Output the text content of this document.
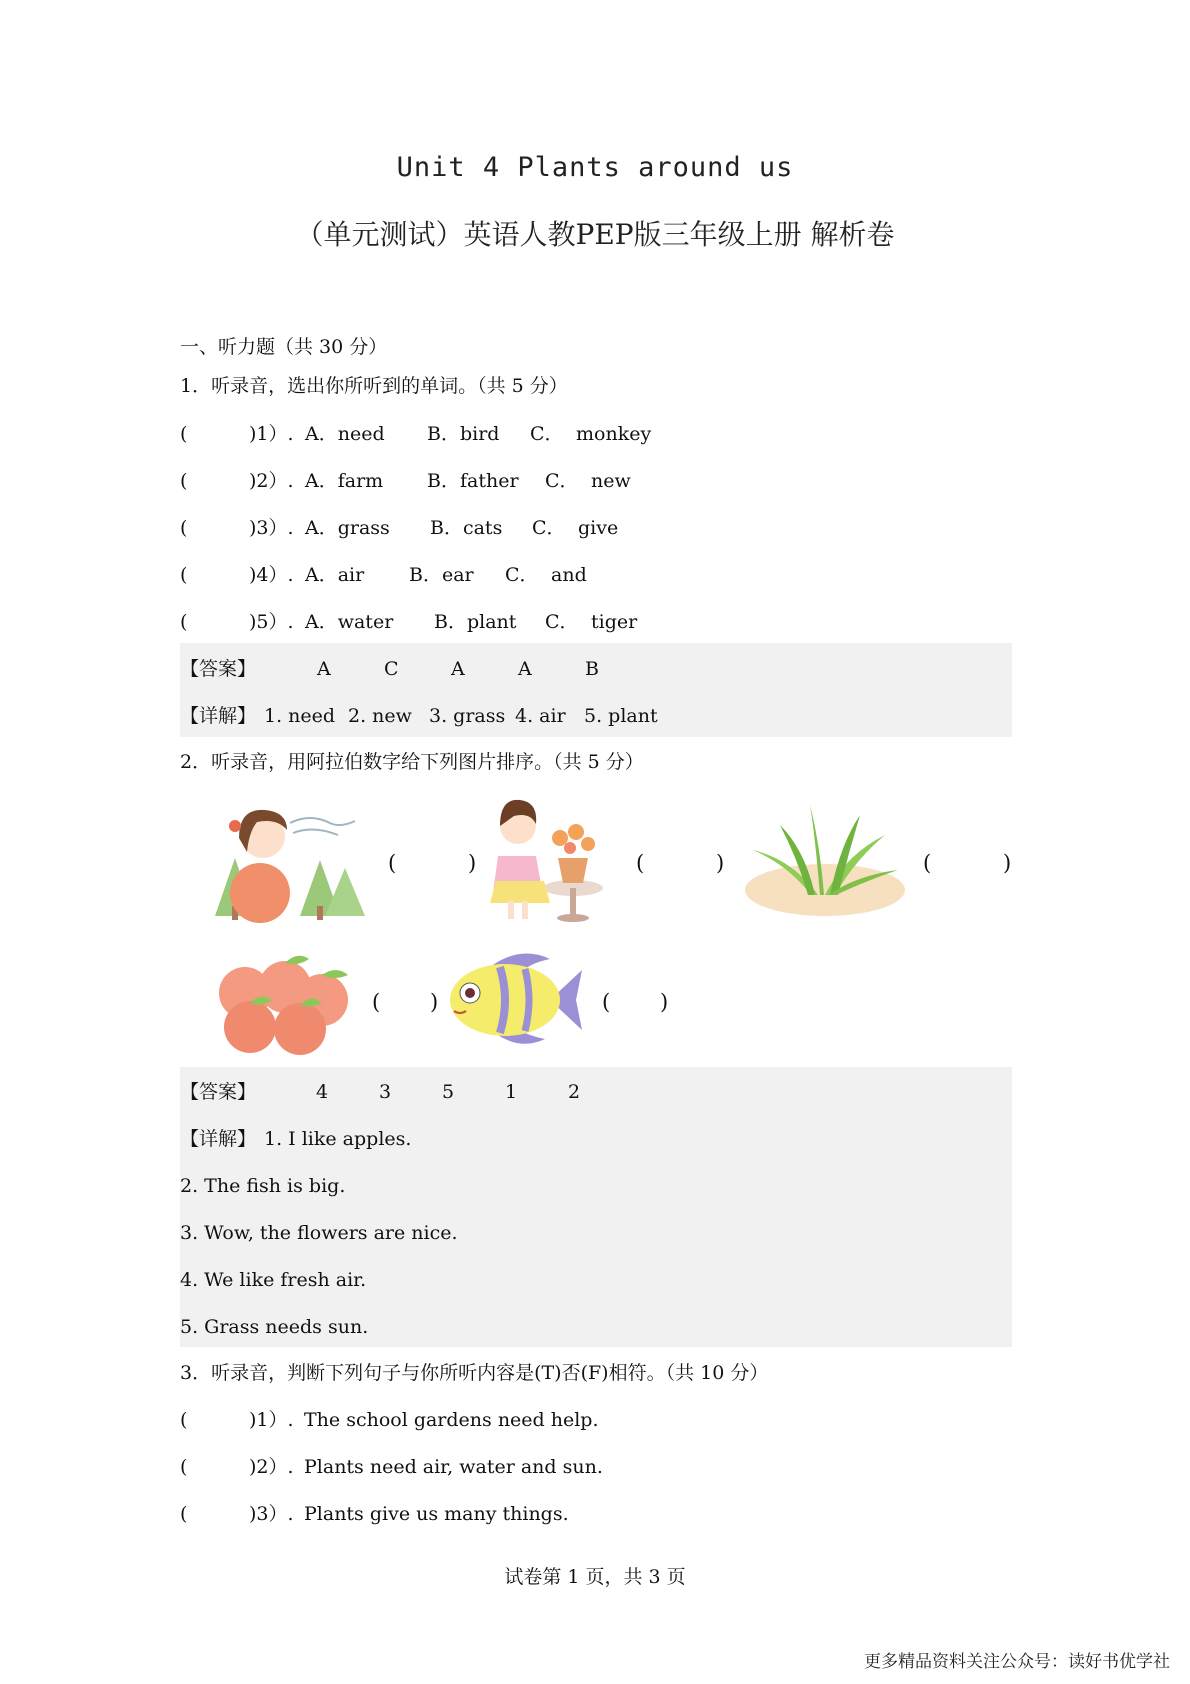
Unit 4 Plants around us
（单元测试）英语人教PEP版三年级上册 解析卷
一、听力题（共 30 分）
1．听录音，选出你所听到的单词。（共 5 分）
(	)1）. A．need B．bird C． monkey
(	)2）. A．farm B．father C． new
(	)3）. A．grass B．cats C． give
(	)4）. A．air B．ear C． and
(	)5）. A．water B．plant C． tiger
【答案】	A	C	A	A	B
【详解】 1. need 2. new 3. grass 4. air 5. plant
2．听录音，用阿拉伯数字给下列图片排序。（共 5 分）
(	)	(	)	(	)
( )	( )
【答案】	4	3	5	1	2
【详解】 1. I like apples.
2. The fish is big.
3. Wow, the flowers are nice.
4. We like fresh air.
5. Grass needs sun.
3．听录音，判断下列句子与你所听内容是(T)否(F)相符。（共 10 分）
(	)1）. The school gardens need help.
(	)2）. Plants need air, water and sun.
(	)3）. Plants give us many things.
试卷第 1 页，共 3 页
更多精品资料关注公众号：读好书优学社
